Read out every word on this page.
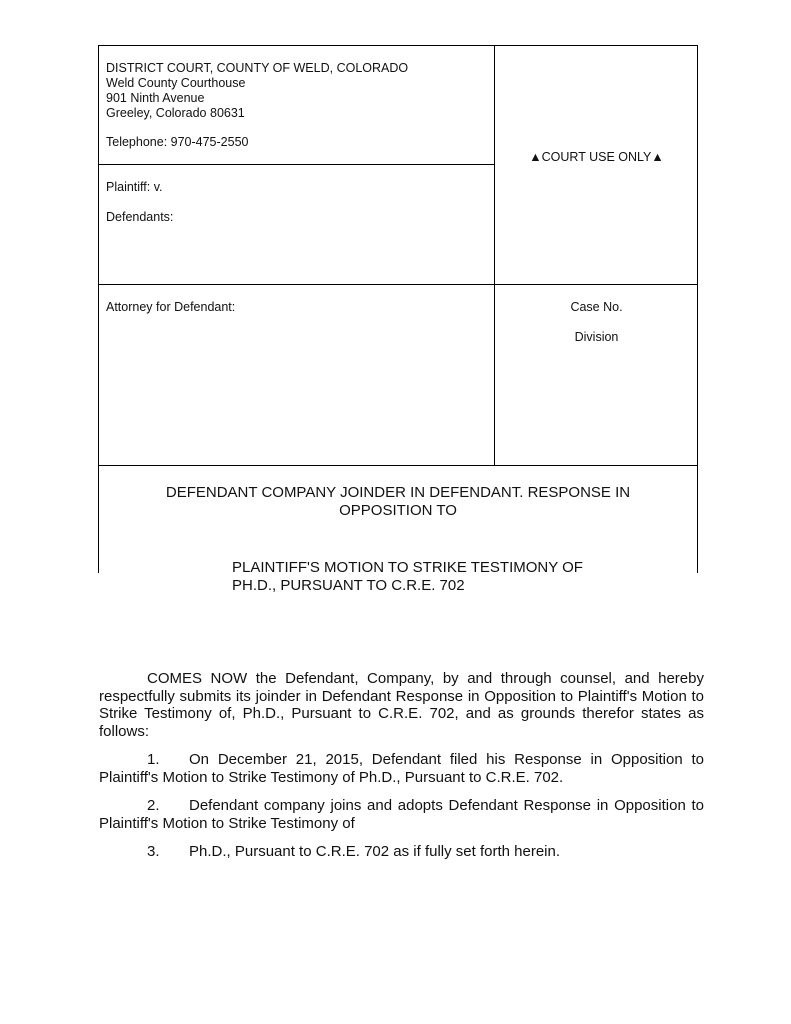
DISTRICT COURT, COUNTY OF WELD, COLORADO
Weld County Courthouse
901 Ninth Avenue
Greeley, Colorado 80631
Telephone: 970-475-2550
▲COURT USE ONLY▲
Plaintiff: v.
Defendants:
Attorney for Defendant:	Case No.
Division
DEFENDANT COMPANY JOINDER IN DEFENDANT. RESPONSE IN
OPPOSITION TO
PLAINTIFF'S MOTION TO STRIKE TESTIMONY OF
PH.D., PURSUANT TO C.R.E. 702
COMES NOW the Defendant, Company, by and through counsel, and hereby respectfully submits its joinder in Defendant Response in Opposition to Plaintiff's Motion to Strike Testimony of, Ph.D., Pursuant to C.R.E. 702, and as grounds therefor states as follows:
1. On December 21, 2015, Defendant filed his Response in Opposition to Plaintiff's Motion to Strike Testimony of Ph.D., Pursuant to C.R.E. 702.
2. Defendant company joins and adopts Defendant Response in Opposition to Plaintiff's Motion to Strike Testimony of
3. Ph.D., Pursuant to C.R.E. 702 as if fully set forth herein.
